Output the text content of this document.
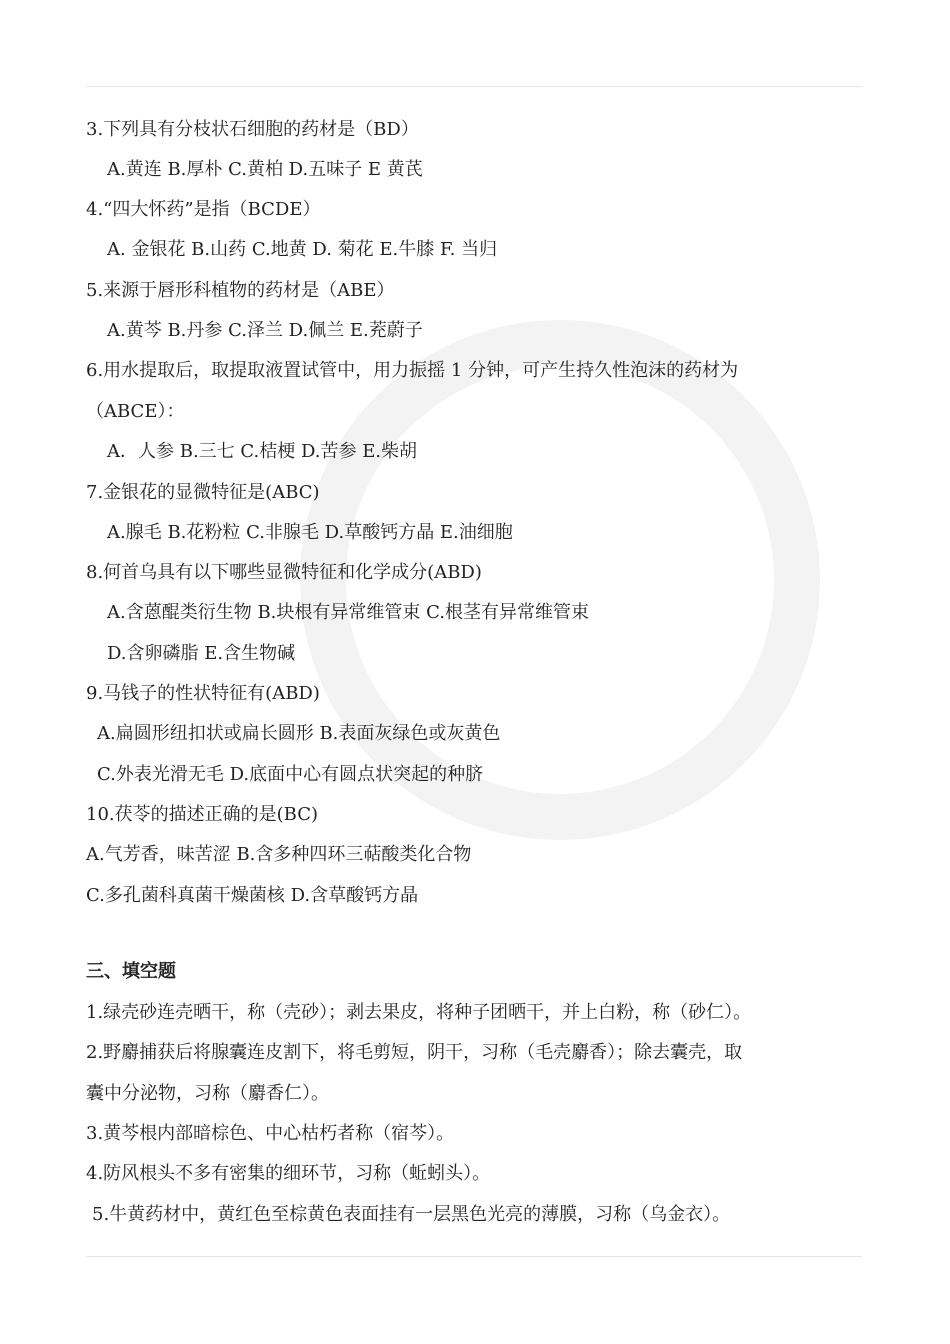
3.下列具有分枝状石细胞的药材是（BD）
A.黄连 B.厚朴 C.黄柏 D.五味子 E 黄芪
4.“四大怀药”是指（BCDE）
A. 金银花 B.山药 C.地黄 D. 菊花 E.牛膝 F. 当归
5.来源于唇形科植物的药材是（ABE）
A.黄芩 B.丹参 C.泽兰 D.佩兰 E.茺蔚子
6.用水提取后，取提取液置试管中，用力振摇 1 分钟，可产生持久性泡沫的药材为
（ABCE）：
A．人参 B.三七 C.桔梗 D.苦参 E.柴胡
7.金银花的显微特征是(ABC)
A.腺毛 B.花粉粒 C.非腺毛 D.草酸钙方晶 E.油细胞
8.何首乌具有以下哪些显微特征和化学成分(ABD)
A.含蒽醌类衍生物 B.块根有异常维管束 C.根茎有异常维管束
D.含卵磷脂 E.含生物碱
9.马钱子的性状特征有(ABD)
A.扁圆形纽扣状或扁长圆形 B.表面灰绿色或灰黄色
C.外表光滑无毛 D.底面中心有圆点状突起的种脐
10.茯苓的描述正确的是(BC)
A.气芳香，味苦涩 B.含多种四环三萜酸类化合物
C.多孔菌科真菌干燥菌核 D.含草酸钙方晶
三、填空题
1.绿壳砂连壳晒干，称（壳砂）；剥去果皮，将种子团晒干，并上白粉，称（砂仁）。
2.野麝捕获后将腺囊连皮割下，将毛剪短，阴干，习称（毛壳麝香）；除去囊壳，取
囊中分泌物，习称（麝香仁）。
3.黄芩根内部暗棕色、中心枯朽者称（宿芩）。
4.防风根头不多有密集的细环节，习称（蚯蚓头）。
5.牛黄药材中，黄红色至棕黄色表面挂有一层黑色光亮的薄膜，习称（乌金衣）。
